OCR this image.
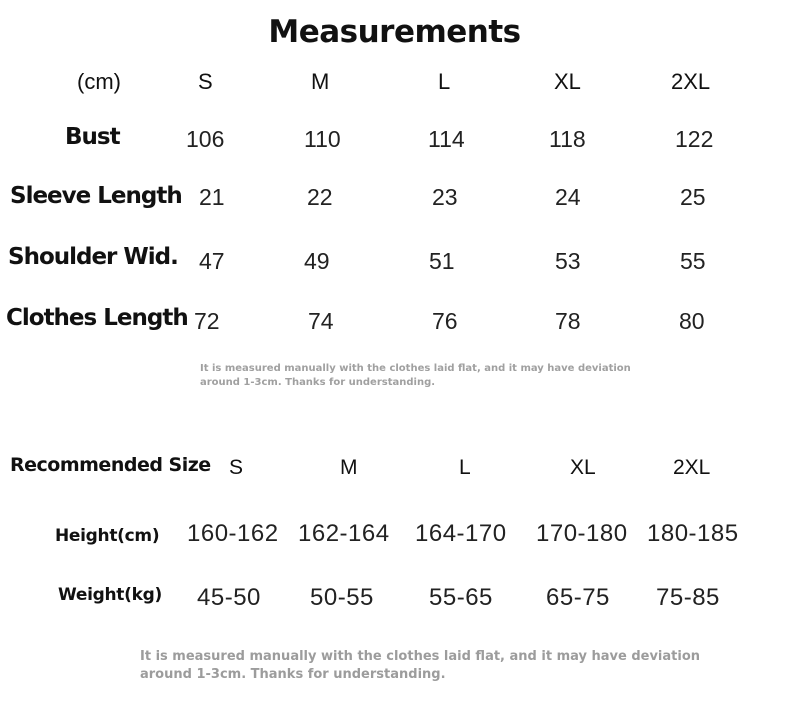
Measurements
(cm)	S	M	L	XL	2XL
Bust	106	110	114	118	122
Sleeve Length 21	22	23	24	25
Shoulder Wid. 47	49	51	53	55
Clothes Length 72	74	76	78	80
It is measured manually with the clothes laid flat, and it may have deviation
around 1-3cm. Thanks for understanding.
Recommended Size S	M	L	XL	2XL
Height(cm) 160-162 162-164 164-170 170-180 180-185
Weight(kg) 45-50 50-55 55-65 65-75 75-85
It is measured manually with the clothes laid flat, and it may have deviation
around 1-3cm. Thanks for understanding.
